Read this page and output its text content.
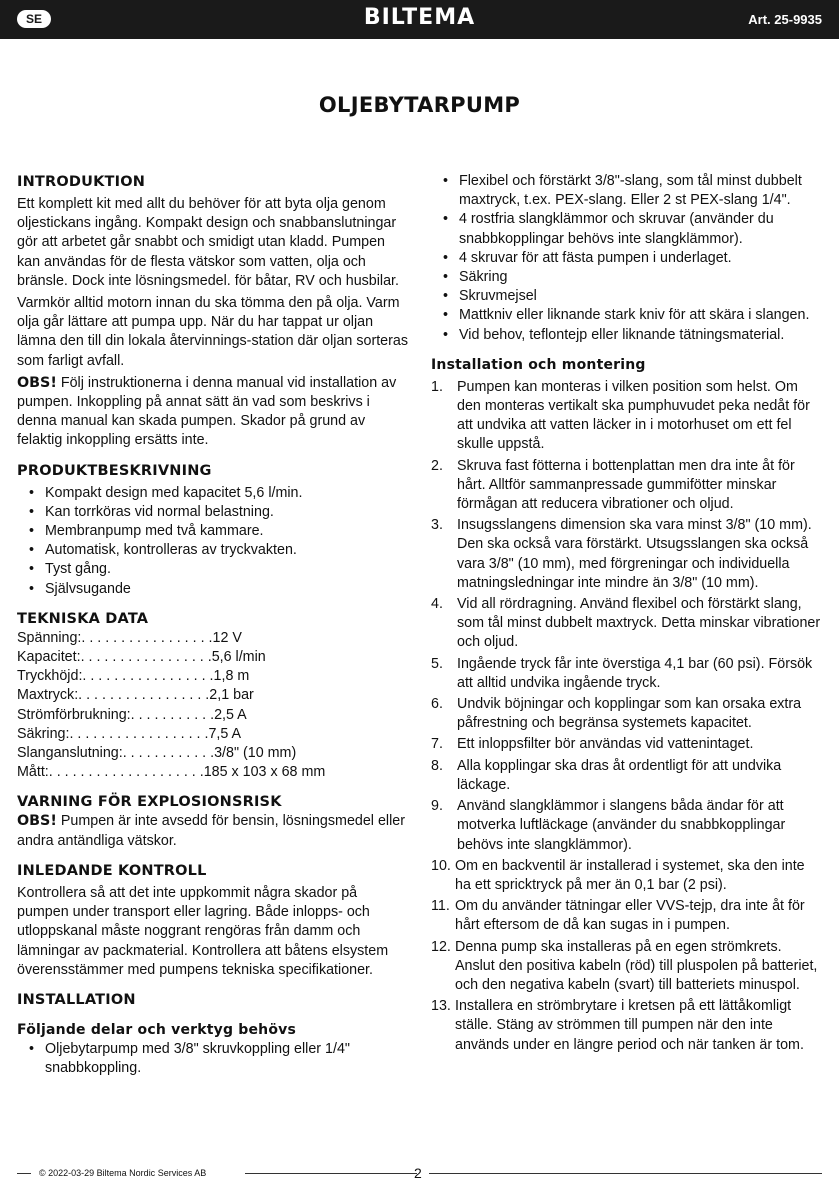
SE	BILTEMA	Art. 25-9935
OLJEBYTARPUMP
INTRODUKTION

Ett komplett kit med allt du behöver för att byta olja genom oljestickans ingång. Kompakt design och snabbanslutningar gör att arbetet går snabbt och smidigt utan kladd. Pumpen kan användas för de flesta vätskor som vatten, olja och bränsle. Dock inte lösningsmedel. för båtar, RV och husbilar.

Varmkör alltid motorn innan du ska tömma den på olja. Varm olja går lättare att pumpa upp. När du har tappat ur oljan lämna den till din lokala återvinnings-station där oljan sorteras som farligt avfall.

OBS! Följ instruktionerna i denna manual vid installation av pumpen. Inkoppling på annat sätt än vad som beskrivs i denna manual kan skada pumpen. Skador på grund av felaktig inkoppling ersätts inte.

PRODUKTBESKRIVNING
• Kompakt design med kapacitet 5,6 l/min.
• Kan torrköras vid normal belastning.
• Membranpump med två kammare.
• Automatisk, kontrolleras av tryckvakten.
• Tyst gång.
• Självsugande
TEKNISKA DATA
Spänning: . . . . . . . . . . . . . . . . . 12 V
Kapacitet: . . . . . . . . . . . . . . . . . 5,6 l/min
Tryckhöjd: . . . . . . . . . . . . . . . . . 1,8 m
Maxtryck: . . . . . . . . . . . . . . . . . 2,1 bar
Strömförbrukning: . . . . . . . . . . . 2,5 A
Säkring: . . . . . . . . . . . . . . . . . . 7,5 A
Slanganslutning: . . . . . . . . . . . . 3/8" (10 mm)
Mått: . . . . . . . . . . . . . . . . . . . . 185 x 103 x 68 mm
VARNING FÖR EXPLOSIONSRISK

OBS! Pumpen är inte avsedd för bensin, lösningsmedel eller andra antändliga vätskor.

INLEDANDE KONTROLL

Kontrollera så att det inte uppkommit några skador på pumpen under transport eller lagring. Både inlopps- och utloppskanal måste noggrant rengöras från damm och lämningar av packmaterial. Kontrollera att båtens elsystem överensstämmer med pumpens tekniska specifikationer.

INSTALLATION
Följande delar och verktyg behövs
• Oljebytarpump med 3/8" skruvkoppling eller 1/4" snabbkoppling.
• Flexibel och förstärkt 3/8"-slang, som tål minst dubbelt maxtryck, t.ex. PEX-slang. Eller 2 st PEX-slang 1/4".
• 4 rostfria slangklämmor och skruvar (använder du snabbkopplingar behövs inte slangklämmor).
• 4 skruvar för att fästa pumpen i underlaget.
• Säkring
• Skruvmejsel
• Mattkniv eller liknande stark kniv för att skära i slangen.
• Vid behov, teflontejp eller liknande tätningsmaterial.
Installation och montering
1. Pumpen kan monteras i vilken position som helst. Om den monteras vertikalt ska pumphuvudet peka nedåt för att undvika att vatten läcker in i motorhuset om ett fel skulle uppstå.
2. Skruva fast fötterna i bottenplattan men dra inte åt för hårt. Alltför sammanpressade gummifötter minskar förmågan att reducera vibrationer och oljud.
3. Insugsslangens dimension ska vara minst 3/8" (10 mm). Den ska också vara förstärkt. Utsugsslangen ska också vara 3/8" (10 mm), med förgreningar och individuella matningsledningar inte mindre än 3/8" (10 mm).
4. Vid all rördragning. Använd flexibel och förstärkt slang, som tål minst dubbelt maxtryck. Detta minskar vibrationer och oljud.
5. Ingående tryck får inte överstiga 4,1 bar (60 psi). Försök att alltid undvika ingående tryck.
6. Undvik böjningar och kopplingar som kan orsaka extra påfrestning och begränsa systemets kapacitet.
7. Ett inloppsfilter bör användas vid vattenintaget.
8. Alla kopplingar ska dras åt ordentligt för att undvika läckage.
9. Använd slangklämmor i slangens båda ändar för att motverka luftläckage (använder du snabbkopplingar behövs inte slangklämmor).
10. Om en backventil är installerad i systemet, ska den inte ha ett spricktryck på mer än 0,1 bar (2 psi).
11. Om du använder tätningar eller VVS-tejp, dra inte åt för hårt eftersom de då kan sugas in i pumpen.
12. Denna pump ska installeras på en egen strömkrets. Anslut den positiva kabeln (röd) till pluspolen på batteriet, och den negativa kabeln (svart) till batteriets minuspol.
13. Installera en strömbrytare i kretsen på ett lättåkomligt ställe. Stäng av strömmen till pumpen när den inte används under en längre period och när tanken är tom.
© 2022-03-29 Biltema Nordic Services AB	2
